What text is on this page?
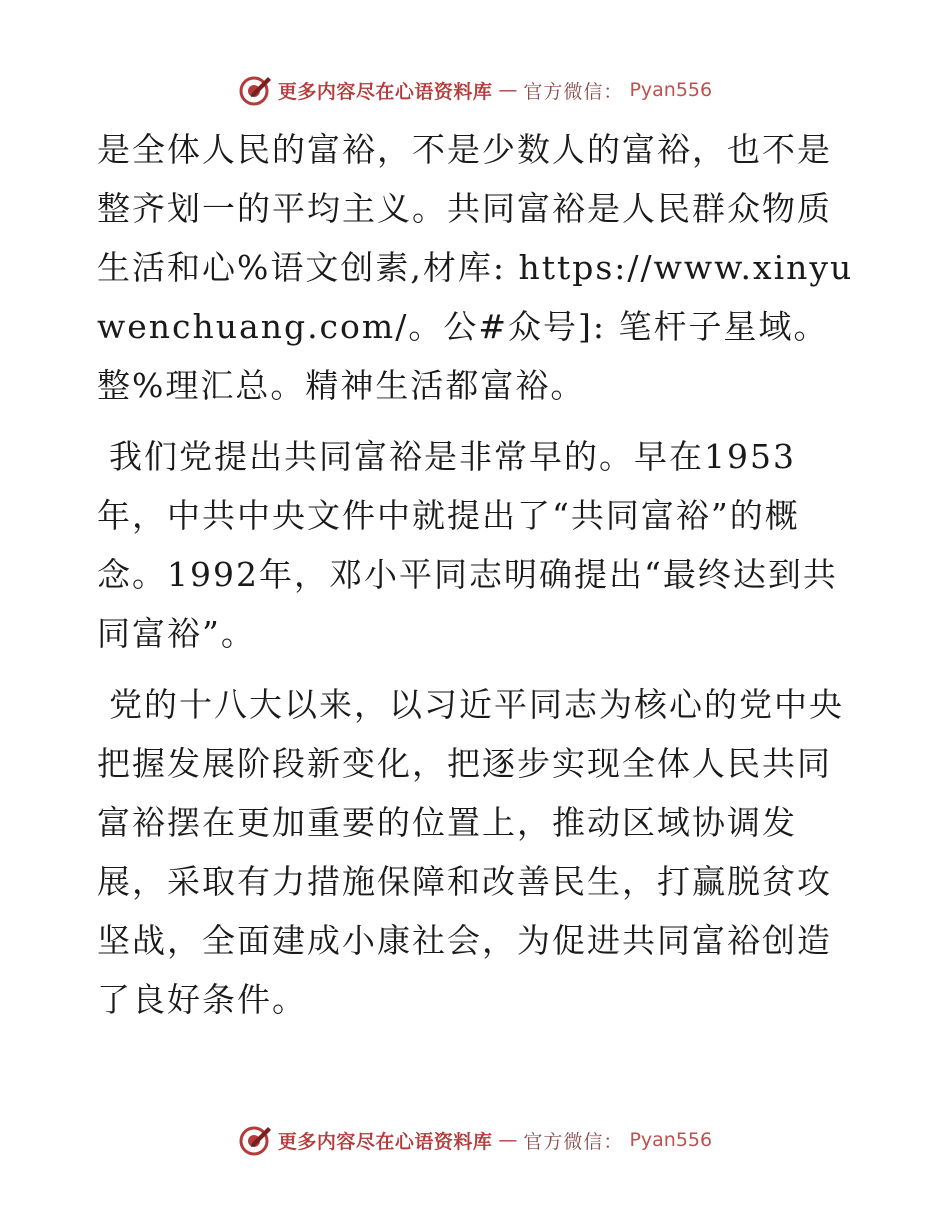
更多内容尽在心语资料库 — 官方微信： Pyan556

是全体人民的富裕，不是少数人的富裕，也不是整齐划一的平均主义。共同富裕是人民群众物质生活和心%语文创素,材库: https://www.xinyuwenchuang.com/。公#众号]: 笔杆子星域。整%理汇总。精神生活都富裕。

我们党提出共同富裕是非常早的。早在1953年，中共中央文件中就提出了“共同富裕”的概念。1992年，邓小平同志明确提出“最终达到共同富裕”。

党的十八大以来，以习近平同志为核心的党中央把握发展阶段新变化，把逐步实现全体人民共同富裕摆在更加重要的位置上，推动区域协调发展，采取有力措施保障和改善民生，打赢脱贫攻坚战，全面建成小康社会，为促进共同富裕创造了良好条件。

更多内容尽在心语资料库 — 官方微信： Pyan556
